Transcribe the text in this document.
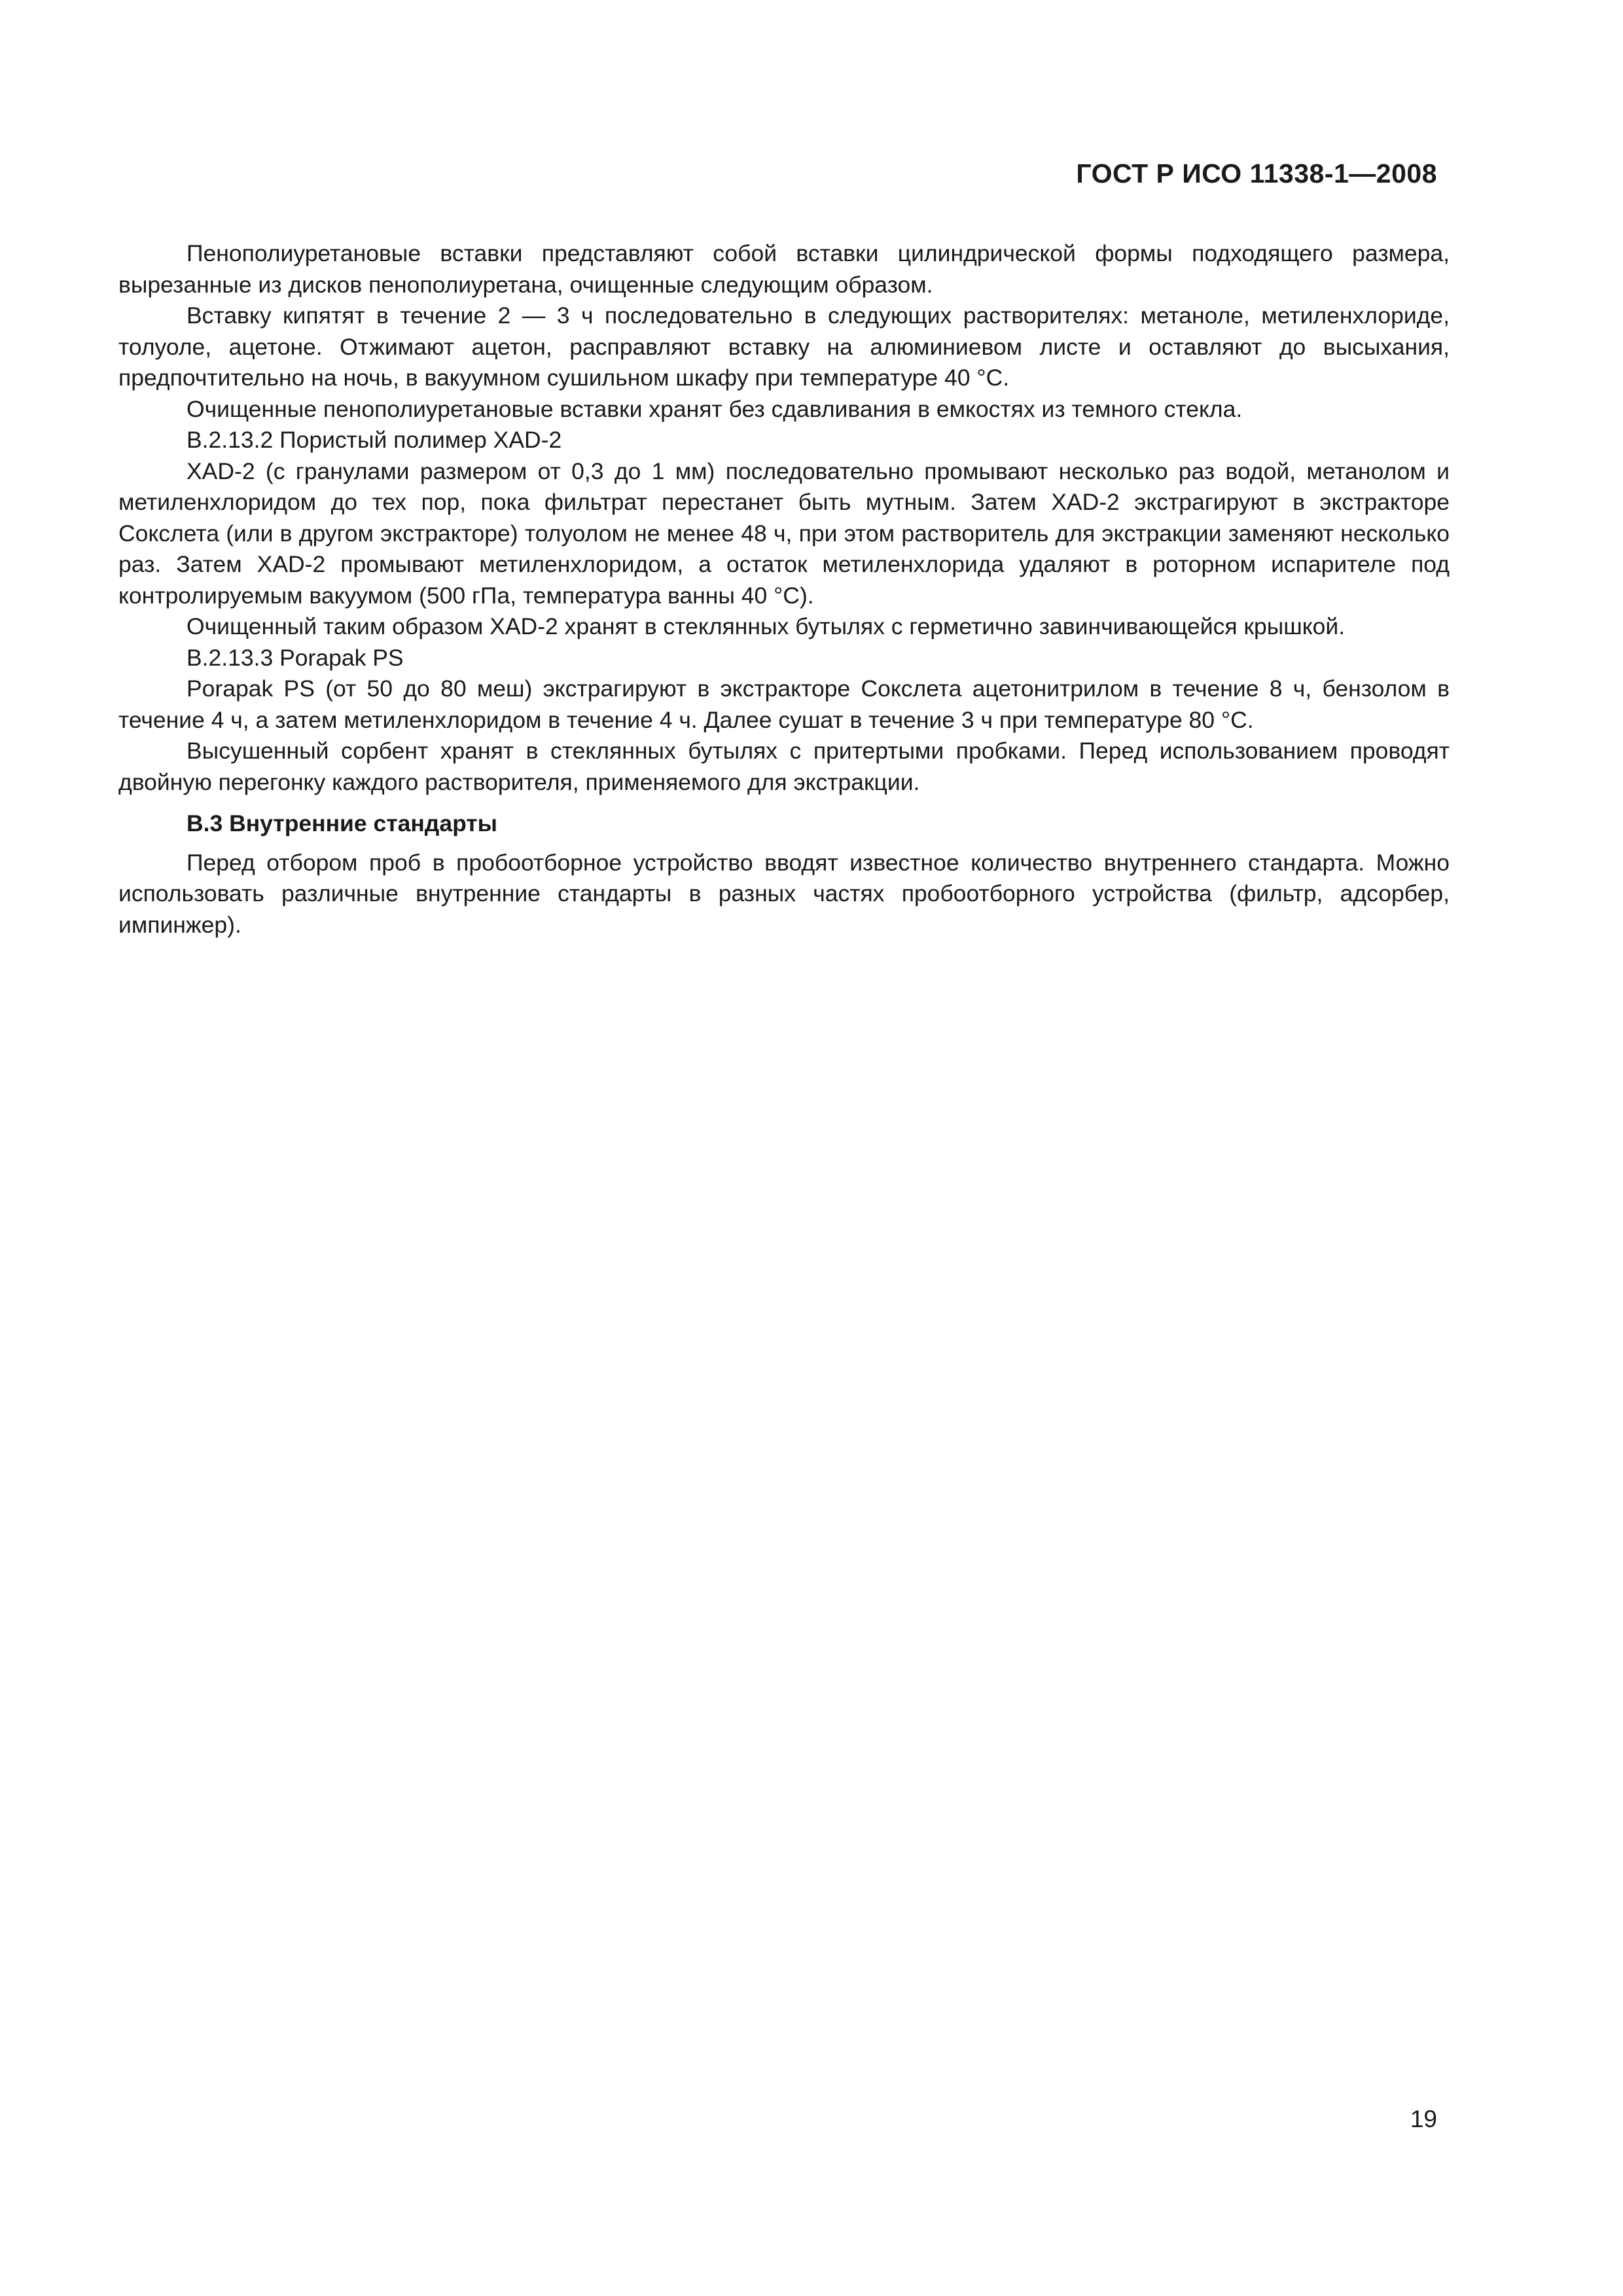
ГОСТ Р ИСО 11338-1—2008

Пенополиуретановые вставки представляют собой вставки цилиндрической формы подходящего размера, вырезанные из дисков пенополиуретана, очищенные следующим образом.

Вставку кипятят в течение 2 — 3 ч последовательно в следующих растворителях: метаноле, метиленхлориде, толуоле, ацетоне. Отжимают ацетон, расправляют вставку на алюминиевом листе и оставляют до высыхания, предпочтительно на ночь, в вакуумном сушильном шкафу при температуре 40 °С.

Очищенные пенополиуретановые вставки хранят без сдавливания в емкостях из темного стекла.

В.2.13.2 Пористый полимер XAD-2

XAD-2 (с гранулами размером от 0,3 до 1 мм) последовательно промывают несколько раз водой, метанолом и метиленхлоридом до тех пор, пока фильтрат перестанет быть мутным. Затем XAD-2 экстрагируют в экстракторе Сокслета (или в другом экстракторе) толуолом не менее 48 ч, при этом растворитель для экстракции заменяют несколько раз. Затем XAD-2 промывают метиленхлоридом, а остаток метиленхлорида удаляют в роторном испарителе под контролируемым вакуумом (500 гПа, температура ванны 40 °С).

Очищенный таким образом XAD-2 хранят в стеклянных бутылях с герметично завинчивающейся крышкой.

В.2.13.3 Porapak PS

Porapak PS (от 50 до 80 меш) экстрагируют в экстракторе Сокслета ацетонитрилом в течение 8 ч, бензолом в течение 4 ч, а затем метиленхлоридом в течение 4 ч. Далее сушат в течение 3 ч при температуре 80 °С.

Высушенный сорбент хранят в стеклянных бутылях с притертыми пробками. Перед использованием проводят двойную перегонку каждого растворителя, применяемого для экстракции.

В.3 Внутренние стандарты

Перед отбором проб в пробоотборное устройство вводят известное количество внутреннего стандарта. Можно использовать различные внутренние стандарты в разных частях пробоотборного устройства (фильтр, адсорбер, импинжер).

19
